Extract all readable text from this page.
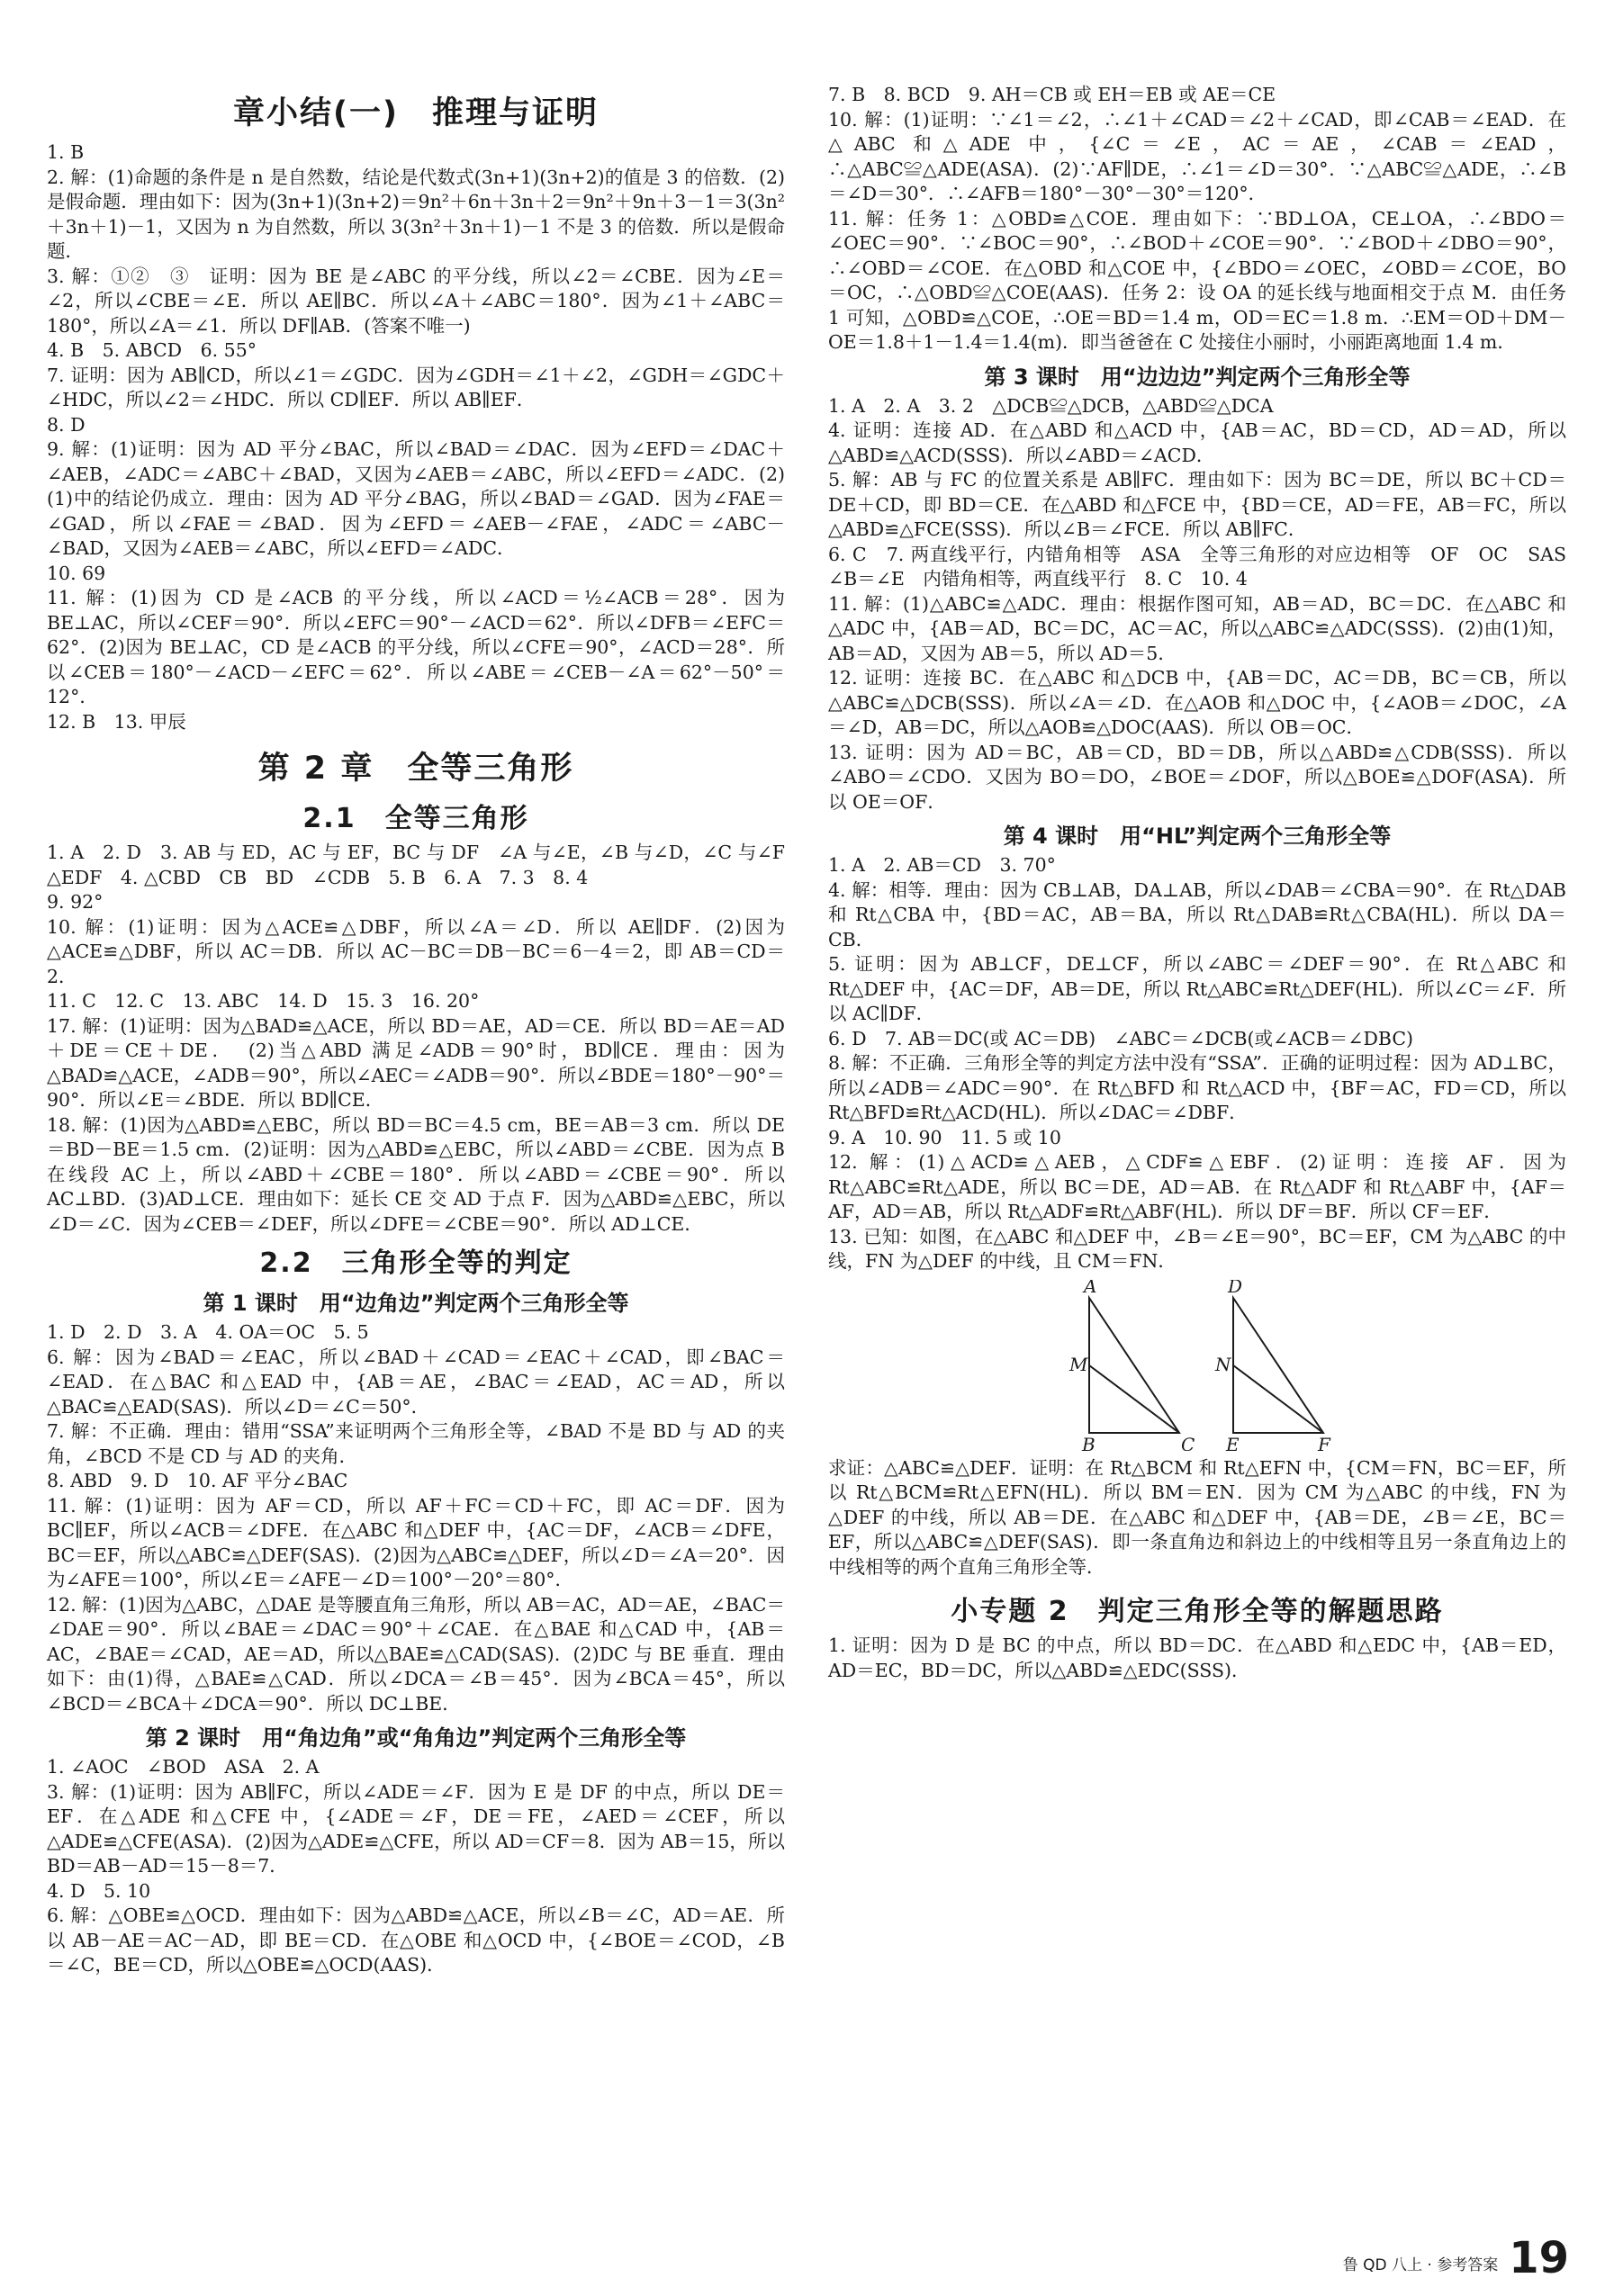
章小结(一)　推理与证明

1. B

2. 解：(1)命题的条件是 n 是自然数，结论是代数式(3n+1)(3n+2)的值是 3 的倍数．(2)是假命题．理由如下：因为(3n+1)(3n+2)＝9n²＋6n＋3n＋2＝9n²＋9n＋3－1＝3(3n²＋3n＋1)－1，又因为 n 为自然数，所以 3(3n²＋3n＋1)－1 不是 3 的倍数．所以是假命题．

3. 解：①②　③　证明：因为 BE 是∠ABC 的平分线，所以∠2＝∠CBE．因为∠E＝∠2，所以∠CBE＝∠E．所以 AE∥BC．所以∠A＋∠ABC＝180°．因为∠1＋∠ABC＝180°，所以∠A＝∠1．所以 DF∥AB．(答案不唯一)

4. B　5. ABCD　6. 55°

7. 证明：因为 AB∥CD，所以∠1＝∠GDC．因为∠GDH＝∠1＋∠2，∠GDH＝∠GDC＋∠HDC，所以∠2＝∠HDC．所以 CD∥EF．所以 AB∥EF．

8. D

9. 解：(1)证明：因为 AD 平分∠BAC，所以∠BAD＝∠DAC．因为∠EFD＝∠DAC＋∠AEB，∠ADC＝∠ABC＋∠BAD，又因为∠AEB＝∠ABC，所以∠EFD＝∠ADC．(2)(1)中的结论仍成立．理由：因为 AD 平分∠BAG，所以∠BAD＝∠GAD．因为∠FAE＝∠GAD，所以∠FAE＝∠BAD．因为∠EFD＝∠AEB－∠FAE，∠ADC＝∠ABC－∠BAD，又因为∠AEB＝∠ABC，所以∠EFD＝∠ADC．

10. 69

11. 解：(1)因为 CD 是∠ACB 的平分线，所以∠ACD＝½∠ACB＝28°．因为 BE⊥AC，所以∠CEF＝90°．所以∠EFC＝90°－∠ACD＝62°．所以∠DFB＝∠EFC＝62°．(2)因为 BE⊥AC，CD 是∠ACB 的平分线，所以∠CFE＝90°，∠ACD＝28°．所以∠CEB＝180°－∠ACD－∠EFC＝62°．所以∠ABE＝∠CEB－∠A＝62°－50°＝12°．

12. B　13. 甲辰

第 2 章　全等三角形
2.1　全等三角形

1. A　2. D　3. AB 与 ED，AC 与 EF，BC 与 DF　∠A 与∠E，∠B 与∠D，∠C 与∠F　△EDF　4. △CBD　CB　BD　∠CDB　5. B　6. A　7. 3　8. 4

9. 92°

10. 解：(1)证明：因为△ACE≌△DBF，所以∠A＝∠D．所以 AE∥DF．(2)因为△ACE≌△DBF，所以 AC＝DB．所以 AC－BC＝DB－BC＝6－4＝2，即 AB＝CD＝2．

11. C　12. C　13. ABC　14. D　15. 3　16. 20°

17. 解：(1)证明：因为△BAD≌△ACE，所以 BD＝AE，AD＝CE．所以 BD＝AE＝AD＋DE＝CE＋DE．　(2)当△ABD 满足∠ADB＝90°时，BD∥CE．理由：因为△BAD≌△ACE，∠ADB＝90°，所以∠AEC＝∠ADB＝90°．所以∠BDE＝180°－90°＝90°．所以∠E＝∠BDE．所以 BD∥CE．

18. 解：(1)因为△ABD≌△EBC，所以 BD＝BC＝4.5 cm，BE＝AB＝3 cm．所以 DE＝BD－BE＝1.5 cm．(2)证明：因为△ABD≌△EBC，所以∠ABD＝∠CBE．因为点 B 在线段 AC 上，所以∠ABD＋∠CBE＝180°．所以∠ABD＝∠CBE＝90°．所以 AC⊥BD．(3)AD⊥CE．理由如下：延长 CE 交 AD 于点 F．因为△ABD≌△EBC，所以∠D＝∠C．因为∠CEB＝∠DEF，所以∠DFE＝∠CBE＝90°．所以 AD⊥CE．

2.2　三角形全等的判定
第 1 课时　用“边角边”判定两个三角形全等

1. D　2. D　3. A　4. OA＝OC　5. 5

6. 解：因为∠BAD＝∠EAC，所以∠BAD＋∠CAD＝∠EAC＋∠CAD，即∠BAC＝∠EAD．在△BAC 和△EAD 中，{AB＝AE，∠BAC＝∠EAD，AC＝AD，所以△BAC≌△EAD(SAS)．所以∠D＝∠C＝50°．

7. 解：不正确．理由：错用“SSA”来证明两个三角形全等，∠BAD 不是 BD 与 AD 的夹角，∠BCD 不是 CD 与 AD 的夹角．

8. ABD　9. D　10. AF 平分∠BAC

11. 解：(1)证明：因为 AF＝CD，所以 AF＋FC＝CD＋FC，即 AC＝DF．因为 BC∥EF，所以∠ACB＝∠DFE．在△ABC 和△DEF 中，{AC＝DF，∠ACB＝∠DFE，BC＝EF，所以△ABC≌△DEF(SAS)．(2)因为△ABC≌△DEF，所以∠D＝∠A＝20°．因为∠AFE＝100°，所以∠E＝∠AFE－∠D＝100°－20°＝80°．

12. 解：(1)因为△ABC，△DAE 是等腰直角三角形，所以 AB＝AC，AD＝AE，∠BAC＝∠DAE＝90°．所以∠BAE＝∠DAC＝90°＋∠CAE．在△BAE 和△CAD 中，{AB＝AC，∠BAE＝∠CAD，AE＝AD，所以△BAE≌△CAD(SAS)．(2)DC 与 BE 垂直．理由如下：由(1)得，△BAE≌△CAD．所以∠DCA＝∠B＝45°．因为∠BCA＝45°，所以∠BCD＝∠BCA＋∠DCA＝90°．所以 DC⊥BE．

第 2 课时　用“角边角”或“角角边”判定两个三角形全等

1. ∠AOC　∠BOD　ASA　2. A

3. 解：(1)证明：因为 AB∥FC，所以∠ADE＝∠F．因为 E 是 DF 的中点，所以 DE＝EF．在△ADE 和△CFE 中，{∠ADE＝∠F，DE＝FE，∠AED＝∠CEF，所以△ADE≌△CFE(ASA)．(2)因为△ADE≌△CFE，所以 AD＝CF＝8．因为 AB＝15，所以 BD＝AB－AD＝15－8＝7．

4. D　5. 10

6. 解：△OBE≌△OCD．理由如下：因为△ABD≌△ACE，所以∠B＝∠C，AD＝AE．所以 AB－AE＝AC－AD，即 BE＝CD．在△OBE 和△OCD 中，{∠BOE＝∠COD，∠B＝∠C，BE＝CD，所以△OBE≌△OCD(AAS)．

7. B　8. BCD　9. AH＝CB 或 EH＝EB 或 AE＝CE

10. 解：(1)证明：∵∠1＝∠2，∴∠1＋∠CAD＝∠2＋∠CAD，即∠CAB＝∠EAD．在△ABC 和△ADE 中，{∠C＝∠E，AC＝AE，∠CAB＝∠EAD，∴△ABC≌△ADE(ASA)．(2)∵AF∥DE，∴∠1＝∠D＝30°．∵△ABC≌△ADE，∴∠B＝∠D＝30°．∴∠AFB＝180°－30°－30°＝120°．

11. 解：任务 1：△OBD≌△COE．理由如下：∵BD⊥OA，CE⊥OA，∴∠BDO＝∠OEC＝90°．∵∠BOC＝90°，∴∠BOD＋∠COE＝90°．∵∠BOD＋∠DBO＝90°，∴∠OBD＝∠COE．在△OBD 和△COE 中，{∠BDO＝∠OEC，∠OBD＝∠COE，BO＝OC，∴△OBD≌△COE(AAS)．任务 2：设 OA 的延长线与地面相交于点 M．由任务 1 可知，△OBD≌△COE，∴OE＝BD＝1.4 m，OD＝EC＝1.8 m．∴EM＝OD＋DM－OE＝1.8＋1－1.4＝1.4(m)．即当爸爸在 C 处接住小丽时，小丽距离地面 1.4 m．

第 3 课时　用“边边边”判定两个三角形全等

1. A　2. A　3. 2　△DCB≌△DCB，△ABD≌△DCA

4. 证明：连接 AD．在△ABD 和△ACD 中，{AB＝AC，BD＝CD，AD＝AD，所以△ABD≌△ACD(SSS)．所以∠ABD＝∠ACD．

5. 解：AB 与 FC 的位置关系是 AB∥FC．理由如下：因为 BC＝DE，所以 BC＋CD＝DE＋CD，即 BD＝CE．在△ABD 和△FCE 中，{BD＝CE，AD＝FE，AB＝FC，所以△ABD≌△FCE(SSS)．所以∠B＝∠FCE．所以 AB∥FC．

6. C　7. 两直线平行，内错角相等　ASA　全等三角形的对应边相等　OF　OC　SAS　∠B＝∠E　内错角相等，两直线平行　8. C　10. 4

11. 解：(1)△ABC≌△ADC．理由：根据作图可知，AB＝AD，BC＝DC．在△ABC 和△ADC 中，{AB＝AD，BC＝DC，AC＝AC，所以△ABC≌△ADC(SSS)．(2)由(1)知，AB＝AD，又因为 AB＝5，所以 AD＝5．

12. 证明：连接 BC．在△ABC 和△DCB 中，{AB＝DC，AC＝DB，BC＝CB，所以△ABC≌△DCB(SSS)．所以∠A＝∠D．在△AOB 和△DOC 中，{∠AOB＝∠DOC，∠A＝∠D，AB＝DC，所以△AOB≌△DOC(AAS)．所以 OB＝OC．

13. 证明：因为 AD＝BC，AB＝CD，BD＝DB，所以△ABD≌△CDB(SSS)．所以∠ABO＝∠CDO．又因为 BO＝DO，∠BOE＝∠DOF，所以△BOE≌△DOF(ASA)．所以 OE＝OF．

第 4 课时　用“HL”判定两个三角形全等

1. A　2. AB＝CD　3. 70°

4. 解：相等．理由：因为 CB⊥AB，DA⊥AB，所以∠DAB＝∠CBA＝90°．在 Rt△DAB 和 Rt△CBA 中，{BD＝AC，AB＝BA，所以 Rt△DAB≌Rt△CBA(HL)．所以 DA＝CB．

5. 证明：因为 AB⊥CF，DE⊥CF，所以∠ABC＝∠DEF＝90°．在 Rt△ABC 和 Rt△DEF 中，{AC＝DF，AB＝DE，所以 Rt△ABC≌Rt△DEF(HL)．所以∠C＝∠F．所以 AC∥DF．

6. D　7. AB＝DC(或 AC＝DB)　∠ABC＝∠DCB(或∠ACB＝∠DBC)

8. 解：不正确．三角形全等的判定方法中没有“SSA”．正确的证明过程：因为 AD⊥BC，所以∠ADB＝∠ADC＝90°．在 Rt△BFD 和 Rt△ACD 中，{BF＝AC，FD＝CD，所以 Rt△BFD≌Rt△ACD(HL)．所以∠DAC＝∠DBF．

9. A　10. 90　11. 5 或 10

12. 解：(1)△ACD≌△AEB，△CDF≌△EBF．(2)证明：连接 AF．因为 Rt△ABC≌Rt△ADE，所以 BC＝DE，AD＝AB．在 Rt△ADF 和 Rt△ABF 中，{AF＝AF，AD＝AB，所以 Rt△ADF≌Rt△ABF(HL)．所以 DF＝BF．所以 CF＝EF．

13. 已知：如图，在△ABC 和△DEF 中，∠B＝∠E＝90°，BC＝EF，CM 为△ABC 的中线，FN 为△DEF 的中线，且 CM＝FN．

A
M
B	C
D
N
E	F

求证：△ABC≌△DEF．证明：在 Rt△BCM 和 Rt△EFN 中，{CM＝FN，BC＝EF，所以 Rt△BCM≌Rt△EFN(HL)．所以 BM＝EN．因为 CM 为△ABC 的中线，FN 为△DEF 的中线，所以 AB＝DE．在△ABC 和△DEF 中，{AB＝DE，∠B＝∠E，BC＝EF，所以△ABC≌△DEF(SAS)．即一条直角边和斜边上的中线相等且另一条直角边上的中线相等的两个直角三角形全等．

小专题 2　判定三角形全等的解题思路

1. 证明：因为 D 是 BC 的中点，所以 BD＝DC．在△ABD 和△EDC 中，{AB＝ED，AD＝EC，BD＝DC，所以△ABD≌△EDC(SSS)．

鲁 QD 八上 · 参考答案 19
